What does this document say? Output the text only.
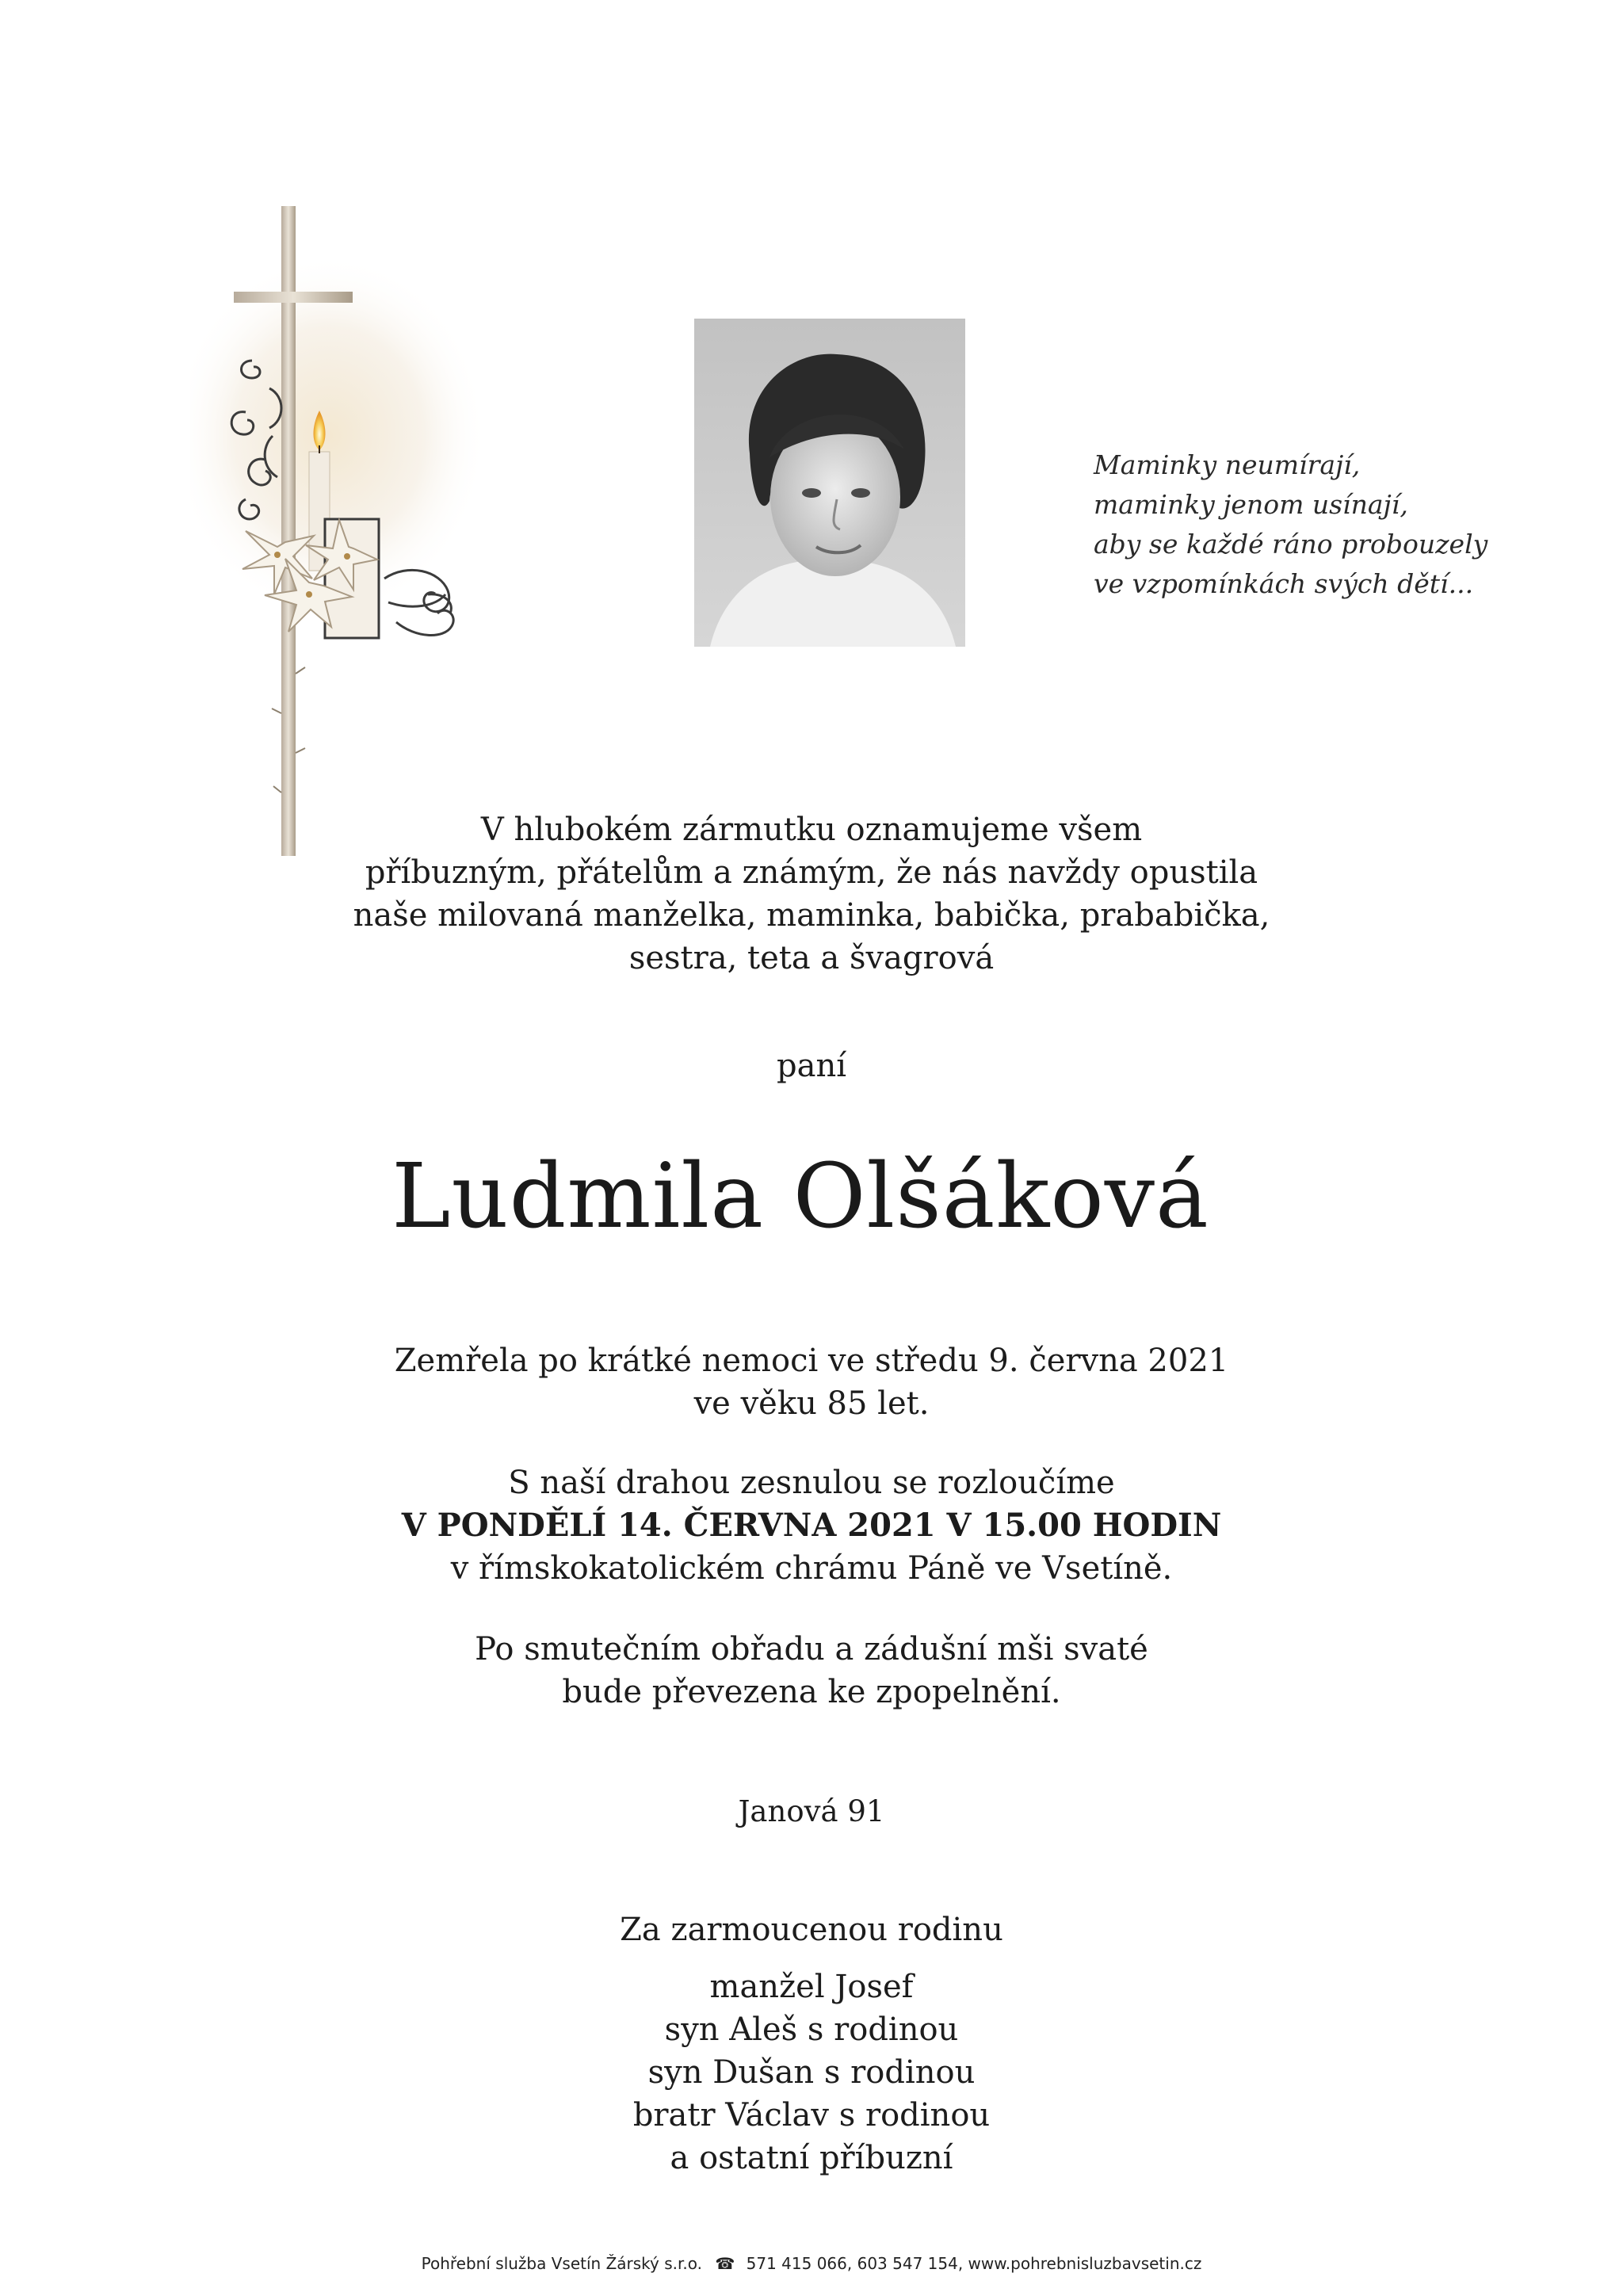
Maminky neumírají,
maminky jenom usínají,
aby se každé ráno probouzely
ve vzpomínkách svých dětí...
V hlubokém zármutku oznamujeme všem
příbuzným, přátelům a známým, že nás navždy opustila
naše milovaná manželka, maminka, babička, prababička,
sestra, teta a švagrová
paní
Ludmila Olšáková
Zemřela po krátké nemoci ve středu 9. června 2021
ve věku 85 let.
S naší drahou zesnulou se rozloučíme
V PONDĚLÍ 14. ČERVNA 2021 V 15.00 HODIN
v římskokatolickém chrámu Páně ve Vsetíně.
Po smutečním obřadu a zádušní mši svaté
bude převezena ke zpopelnění.
Janová 91
Za zarmoucenou rodinu
manžel Josef
syn Aleš s rodinou
syn Dušan s rodinou
bratr Václav s rodinou
a ostatní příbuzní
Pohřební služba Vsetín Žárský s.r.o. ☎ 571 415 066, 603 547 154, www.pohrebnisluzbavsetin.cz
